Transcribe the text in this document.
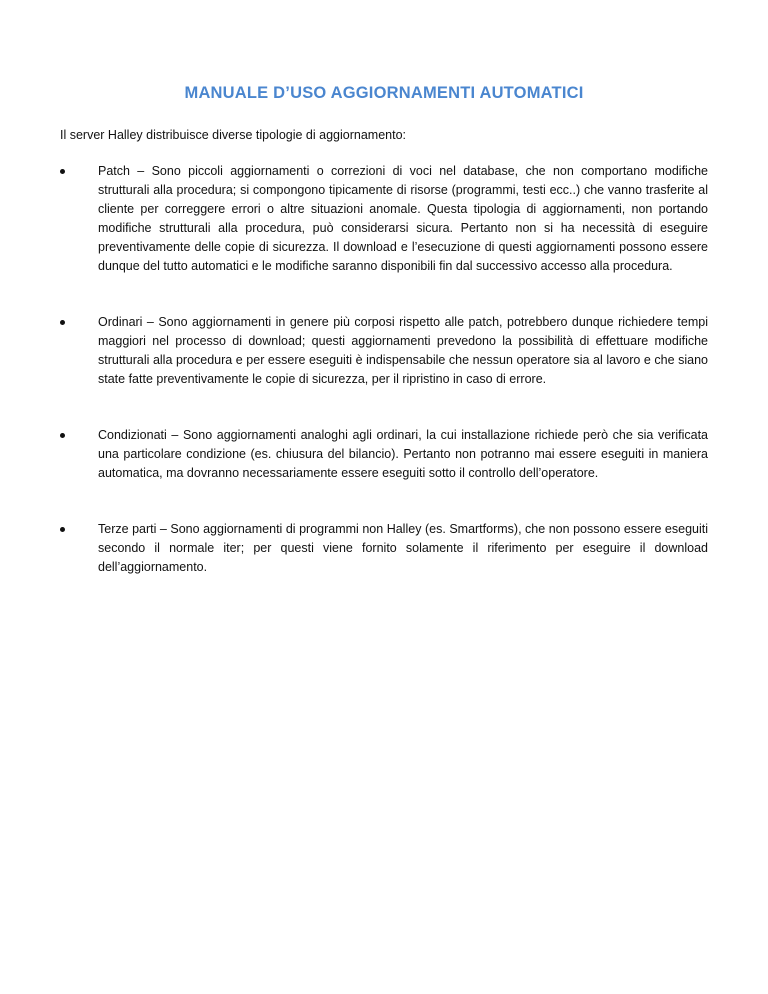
MANUALE D’USO AGGIORNAMENTI AUTOMATICI

Il server Halley distribuisce diverse tipologie di aggiornamento:

Patch – Sono piccoli aggiornamenti o correzioni di voci nel database, che non comportano modifiche strutturali alla procedura; si compongono tipicamente di risorse (programmi, testi ecc..) che vanno trasferite al cliente per correggere errori o altre situazioni anomale. Questa tipologia di aggiornamenti, non portando modifiche strutturali alla procedura, può considerarsi sicura. Pertanto non si ha necessità di eseguire preventivamente delle copie di sicurezza. Il download e l’esecuzione di questi aggiornamenti possono essere dunque del tutto automatici e le modifiche saranno disponibili fin dal successivo accesso alla procedura.
Ordinari – Sono aggiornamenti in genere più corposi rispetto alle patch, potrebbero dunque richiedere tempi maggiori nel processo di download; questi aggiornamenti prevedono la possibilità di effettuare modifiche strutturali alla procedura e per essere eseguiti è indispensabile che nessun operatore sia al lavoro e che siano state fatte preventivamente le copie di sicurezza, per il ripristino in caso di errore.
Condizionati – Sono aggiornamenti analoghi agli ordinari, la cui installazione richiede però che sia verificata una particolare condizione (es. chiusura del bilancio). Pertanto non potranno mai essere eseguiti in maniera automatica, ma dovranno necessariamente essere eseguiti sotto il controllo dell’operatore.
Terze parti – Sono aggiornamenti di programmi non Halley (es. Smartforms), che non possono essere eseguiti secondo il normale iter; per questi viene fornito solamente il riferimento per eseguire il download dell’aggiornamento.
